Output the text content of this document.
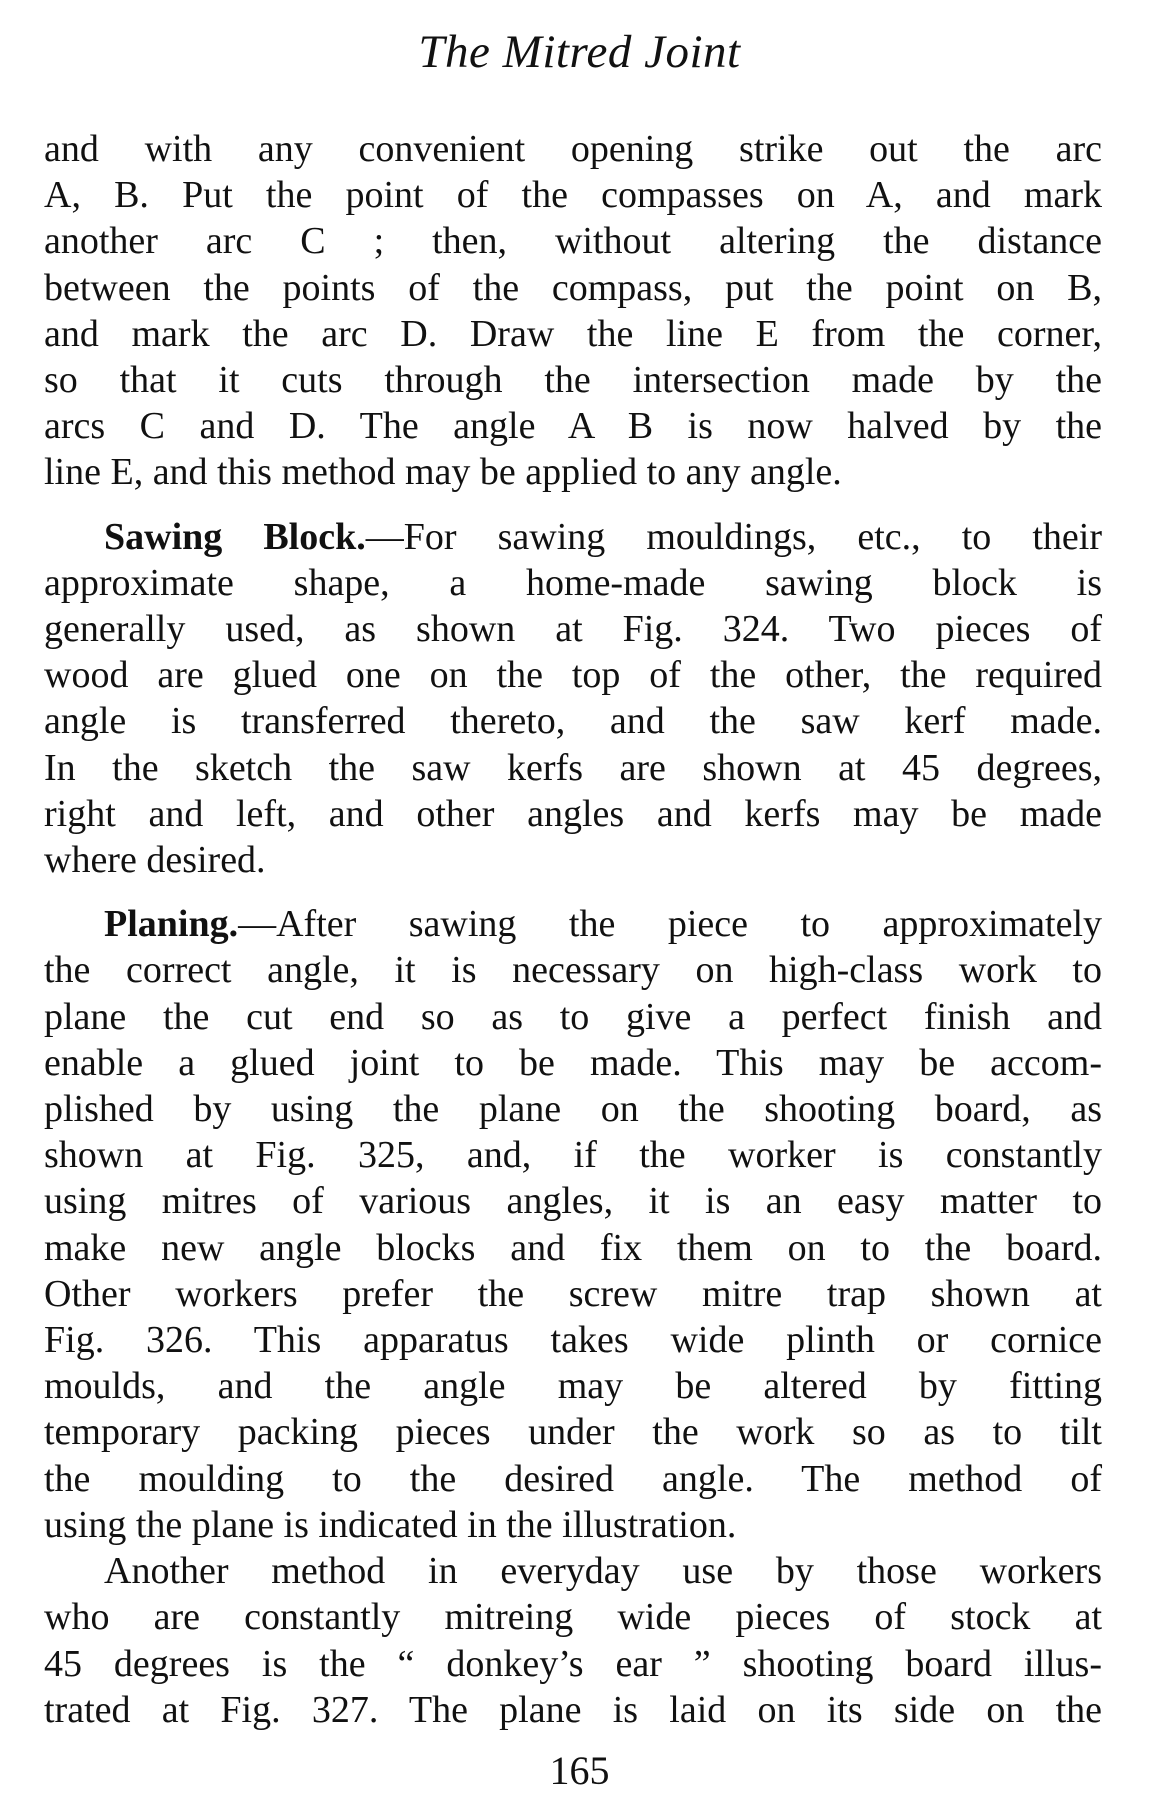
The Mitred Joint

and with any convenient opening strike out the arc
A, B. Put the point of the compasses on A, and mark
another arc C ; then, without altering the distance
between the points of the compass, put the point on B,
and mark the arc D. Draw the line E from the corner,
so that it cuts through the intersection made by the
arcs C and D. The angle A B is now halved by the
line E, and this method may be applied to any angle.

Sawing Block.—For sawing mouldings, etc., to their
approximate shape, a home-made sawing block is
generally used, as shown at Fig. 324. Two pieces of
wood are glued one on the top of the other, the required
angle is transferred thereto, and the saw kerf made.
In the sketch the saw kerfs are shown at 45 degrees,
right and left, and other angles and kerfs may be made
where desired.

Planing.—After sawing the piece to approximately
the correct angle, it is necessary on high-class work to
plane the cut end so as to give a perfect finish and
enable a glued joint to be made. This may be accom-
plished by using the plane on the shooting board, as
shown at Fig. 325, and, if the worker is constantly
using mitres of various angles, it is an easy matter to
make new angle blocks and fix them on to the board.
Other workers prefer the screw mitre trap shown at
Fig. 326. This apparatus takes wide plinth or cornice
moulds, and the angle may be altered by fitting
temporary packing pieces under the work so as to tilt
the moulding to the desired angle. The method of
using the plane is indicated in the illustration.

Another method in everyday use by those workers
who are constantly mitreing wide pieces of stock at
45 degrees is the “ donkey’s ear ” shooting board illus-
trated at Fig. 327. The plane is laid on its side on the

165
